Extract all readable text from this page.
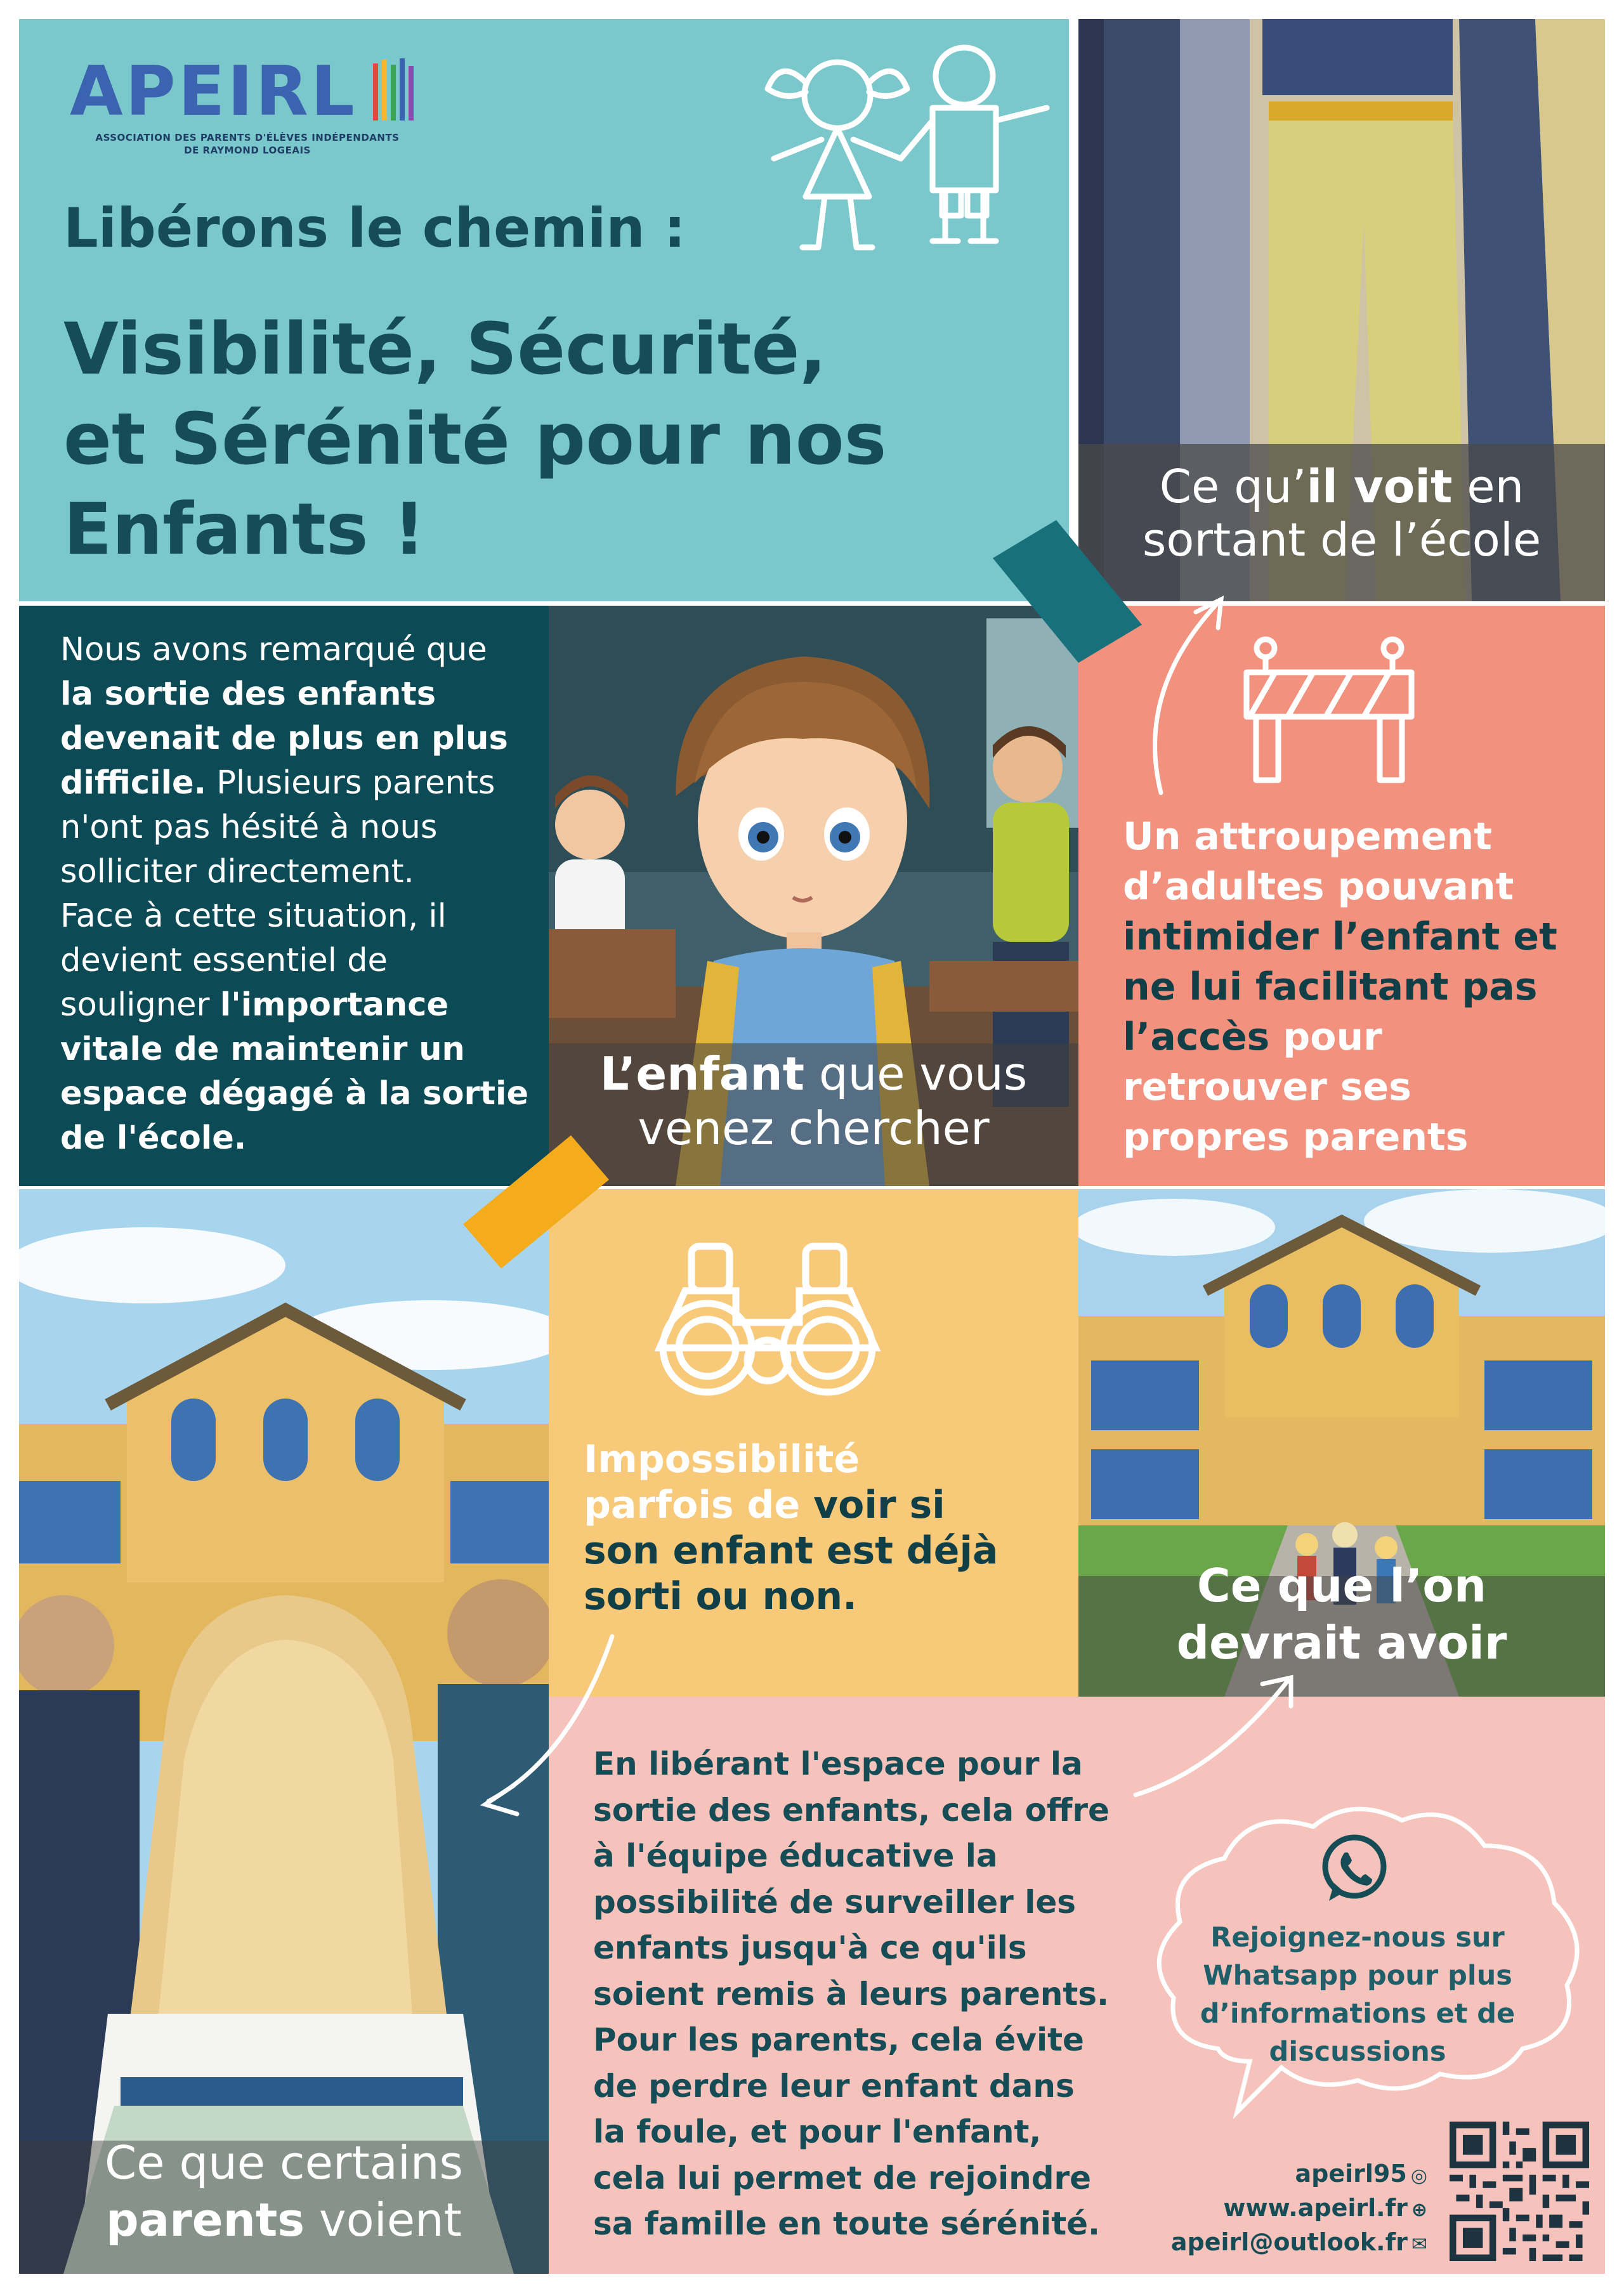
Ce qu’il voit en
sortant de l’école
L’enfant que vous
venez chercher
Ce que l’on
devrait avoir
Ce que certains
parents voient
APEIRL
ASSOCIATION DES PARENTS D'ÉLÈVES INDÉPENDANTS
DE RAYMOND LOGEAIS
Libérons le chemin :
Visibilité, Sécurité,
et Sérénité pour nos
Enfants !
Nous avons remarqué que
la sortie des enfants
devenait de plus en plus
difficile. Plusieurs parents
n'ont pas hésité à nous
solliciter directement.
Face à cette situation, il
devient essentiel de
souligner l'importance
vitale de maintenir un
espace dégagé à la sortie
de l'école.
Un attroupement
d’adultes pouvant
intimider l’enfant et
ne lui facilitant pas
l’accès pour
retrouver ses
propres parents
Impossibilité
parfois de voir si
son enfant est déjà
sorti ou non.
En libérant l'espace pour la
sortie des enfants, cela offre
à l'équipe éducative la
possibilité de surveiller les
enfants jusqu'à ce qu'ils
soient remis à leurs parents.
Pour les parents, cela évite
de perdre leur enfant dans
la foule, et pour l'enfant,
cela lui permet de rejoindre
sa famille en toute sérénité.
Rejoignez-nous sur
Whatsapp pour plus
d’informations et de
discussions
apeirl95 ◎
www.apeirl.fr ⊕
apeirl@outlook.fr ✉
